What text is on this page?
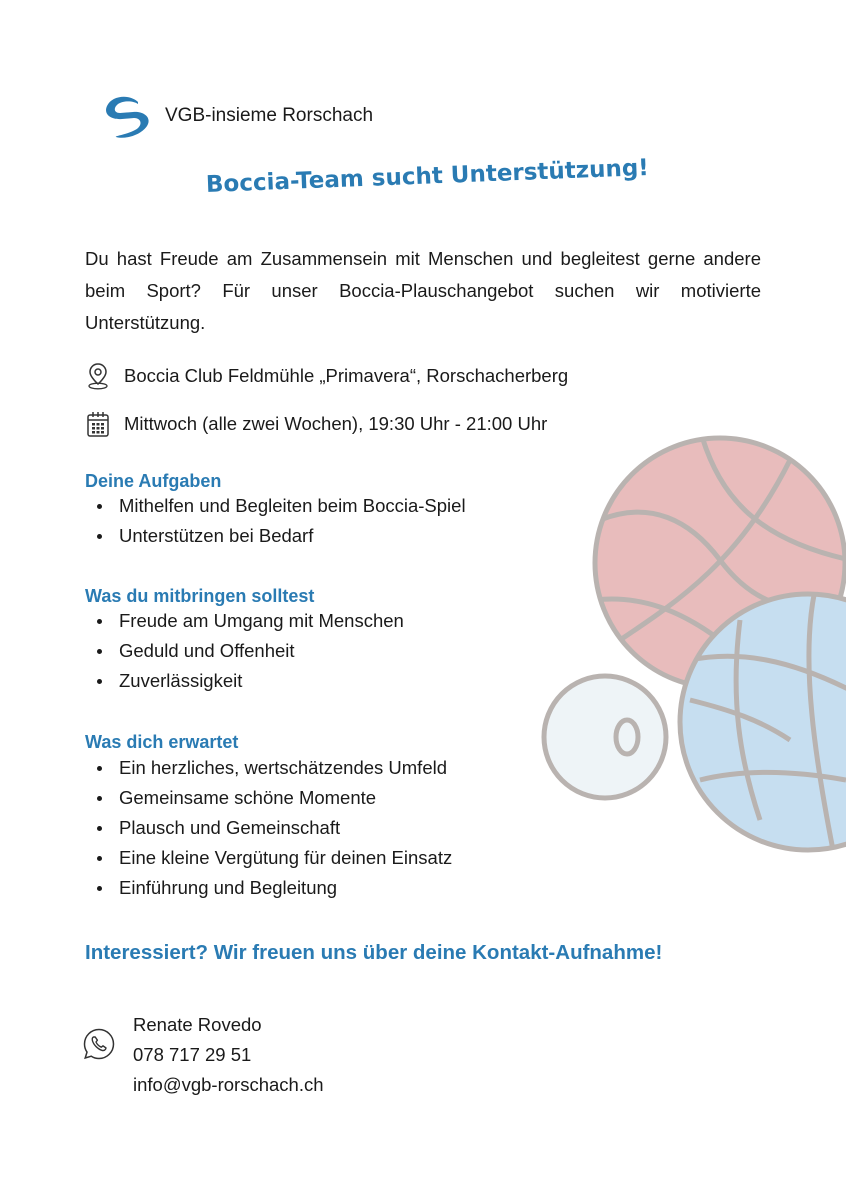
VGB-insieme Rorschach
Boccia-Team sucht Unterstützung!
Du hast Freude am Zusammensein mit Menschen und begleitest gerne andere beim Sport? Für unser Boccia-Plauschangebot suchen wir motivierte Unterstützung.
Boccia Club Feldmühle „Primavera“, Rorschacherberg
Mittwoch (alle zwei Wochen), 19:30 Uhr - 21:00 Uhr
Deine Aufgaben
Mithelfen und Begleiten beim Boccia-Spiel
Unterstützen bei Bedarf
Was du mitbringen solltest
Freude am Umgang mit Menschen
Geduld und Offenheit
Zuverlässigkeit
Was dich erwartet
Ein herzliches, wertschätzendes Umfeld
Gemeinsame schöne Momente
Plausch und Gemeinschaft
Eine kleine Vergütung für deinen Einsatz
Einführung und Begleitung
Interessiert? Wir freuen uns über deine Kontakt-Aufnahme!
Renate Rovedo
078 717 29 51
info@vgb-rorschach.ch
